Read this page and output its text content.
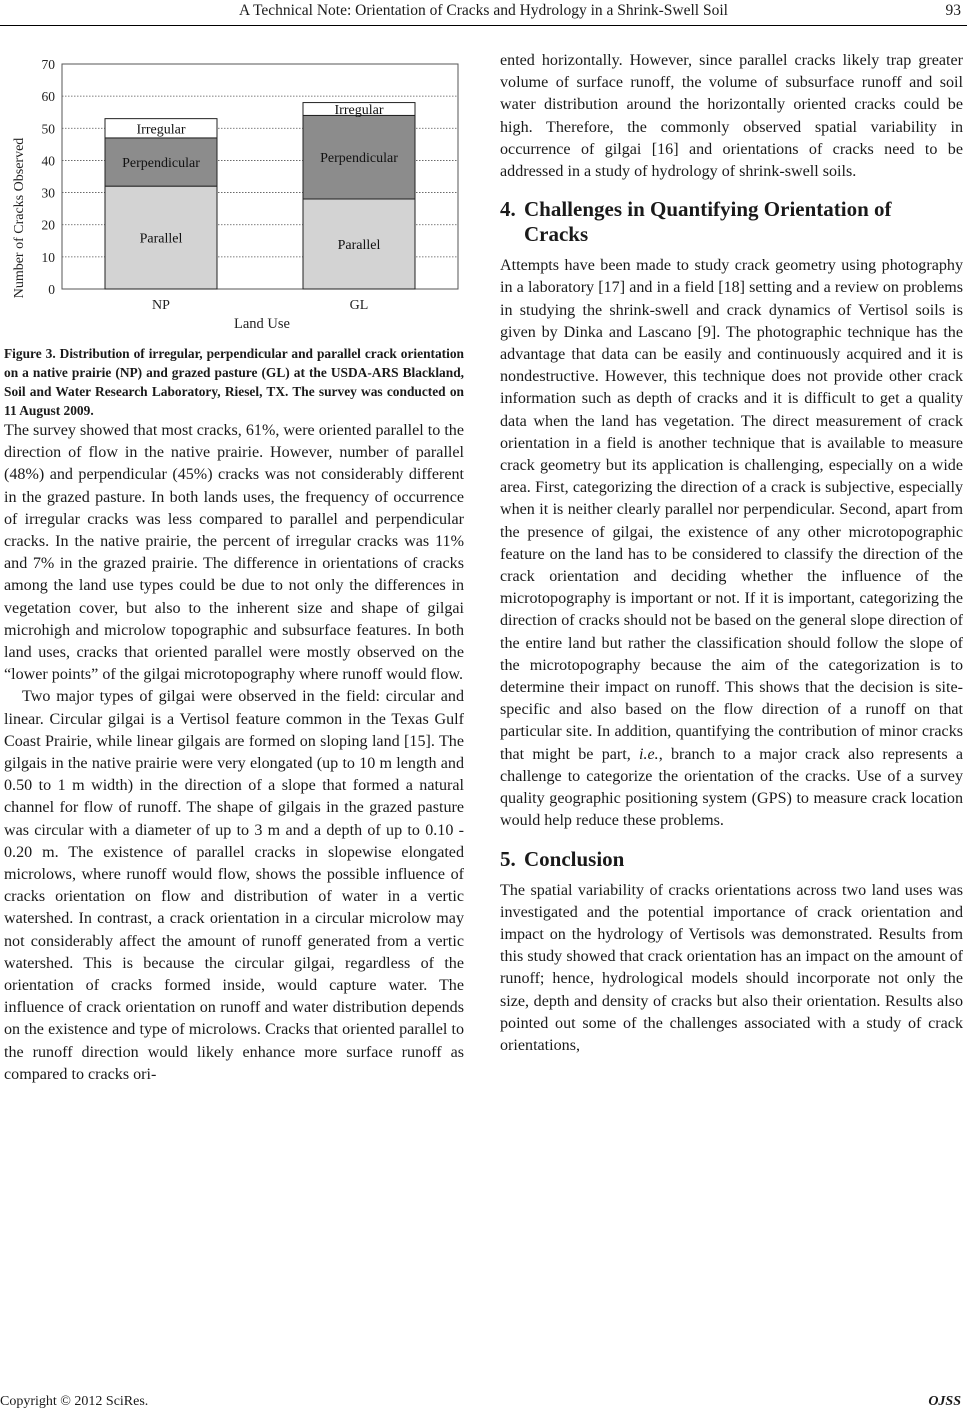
A Technical Note: Orientation of Cracks and Hydrology in a Shrink-Swell Soil	93
0
10
20
30
40
50
60
70
Parallel
Perpendicular
Irregular
Parallel
Perpendicular
Irregular
NP	GL
Land Use
Number of Cracks Observed
Figure 3. Distribution of irregular, perpendicular and parallel crack orientation on a native prairie (NP) and grazed pasture (GL) at the USDA-ARS Blackland, Soil and Water Research Laboratory, Riesel, TX. The survey was conducted on 11 August 2009.

The survey showed that most cracks, 61%, were oriented parallel to the direction of flow in the native prairie. However, number of parallel (48%) and perpendicular (45%) cracks was not considerably different in the grazed pasture. In both lands uses, the frequency of occurrence of irregular cracks was less compared to parallel and perpendicular cracks. In the native prairie, the percent of irregular cracks was 11% and 7% in the grazed prairie. The difference in orientations of cracks among the land use types could be due to not only the differences in vegetation cover, but also to the inherent size and shape of gilgai microhigh and microlow topographic and subsurface features. In both land uses, cracks that oriented parallel were mostly observed on the “lower points” of the gilgai microtopography where runoff would flow.

Two major types of gilgai were observed in the field: circular and linear. Circular gilgai is a Vertisol feature common in the Texas Gulf Coast Prairie, while linear gilgais are formed on sloping land [15]. The gilgais in the native prairie were very elongated (up to 10 m length and 0.50 to 1 m width) in the direction of a slope that formed a natural channel for flow of runoff. The shape of gilgais in the grazed pasture was circular with a diameter of up to 3 m and a depth of up to 0.10 - 0.20 m. The existence of parallel cracks in slopewise elongated microlows, where runoff would flow, shows the possible influence of cracks orientation on flow and distribution of water in a vertic watershed. In contrast, a crack orientation in a circular microlow may not considerably affect the amount of runoff generated from a vertic watershed. This is because the circular gilgai, regardless of the orientation of cracks formed inside, would capture water. The influence of crack orientation on runoff and water distribution depends on the existence and type of microlows. Cracks that oriented parallel to the runoff direction would likely enhance more surface runoff as compared to cracks ori-

ented horizontally. However, since parallel cracks likely trap greater volume of surface runoff, the volume of subsurface runoff and soil water distribution around the horizontally oriented cracks could be high. Therefore, the commonly observed spatial variability in occurrence of gilgai [16] and orientations of cracks need to be addressed in a study of hydrology of shrink-swell soils.

4. Challenges in Quantifying Orientation of
Cracks

Attempts have been made to study crack geometry using photography in a laboratory [17] and in a field [18] setting and a review on problems in studying the shrink-swell and crack dynamics of Vertisol soils is given by Dinka and Lascano [9]. The photographic technique has the advantage that data can be easily and continuously acquired and it is nondestructive. However, this technique does not provide other crack information such as depth of cracks and it is difficult to get a quality data when the land has vegetation. The direct measurement of crack orientation in a field is another technique that is available to measure crack geometry but its application is challenging, especially on a wide area. First, categorizing the direction of a crack is subjective, especially when it is neither clearly parallel nor perpendicular. Second, apart from the presence of gilgai, the existence of any other microtopographic feature on the land has to be considered to classify the direction of the crack orientation and deciding whether the influence of the microtopography is important or not. If it is important, categorizing the direction of cracks should not be based on the general slope direction of the entire land but rather the classification should follow the slope of the microtopography because the aim of the categorization is to determine their impact on runoff. This shows that the decision is site-specific and also based on the flow direction of a runoff on that particular site. In addition, quantifying the contribution of minor cracks that might be part, i.e., branch to a major crack also represents a challenge to categorize the orientation of the cracks. Use of a survey quality geographic positioning system (GPS) to measure crack location would help reduce these problems.

5. Conclusion

The spatial variability of cracks orientations across two land uses was investigated and the potential importance of crack orientation and impact on the hydrology of Vertisols was demonstrated. Results from this study showed that crack orientation has an impact on the amount of runoff; hence, hydrological models should incorporate not only the size, depth and density of cracks but also their orientation. Results also pointed out some of the challenges associated with a study of crack orientations,

Copyright © 2012 SciRes.	OJSS
